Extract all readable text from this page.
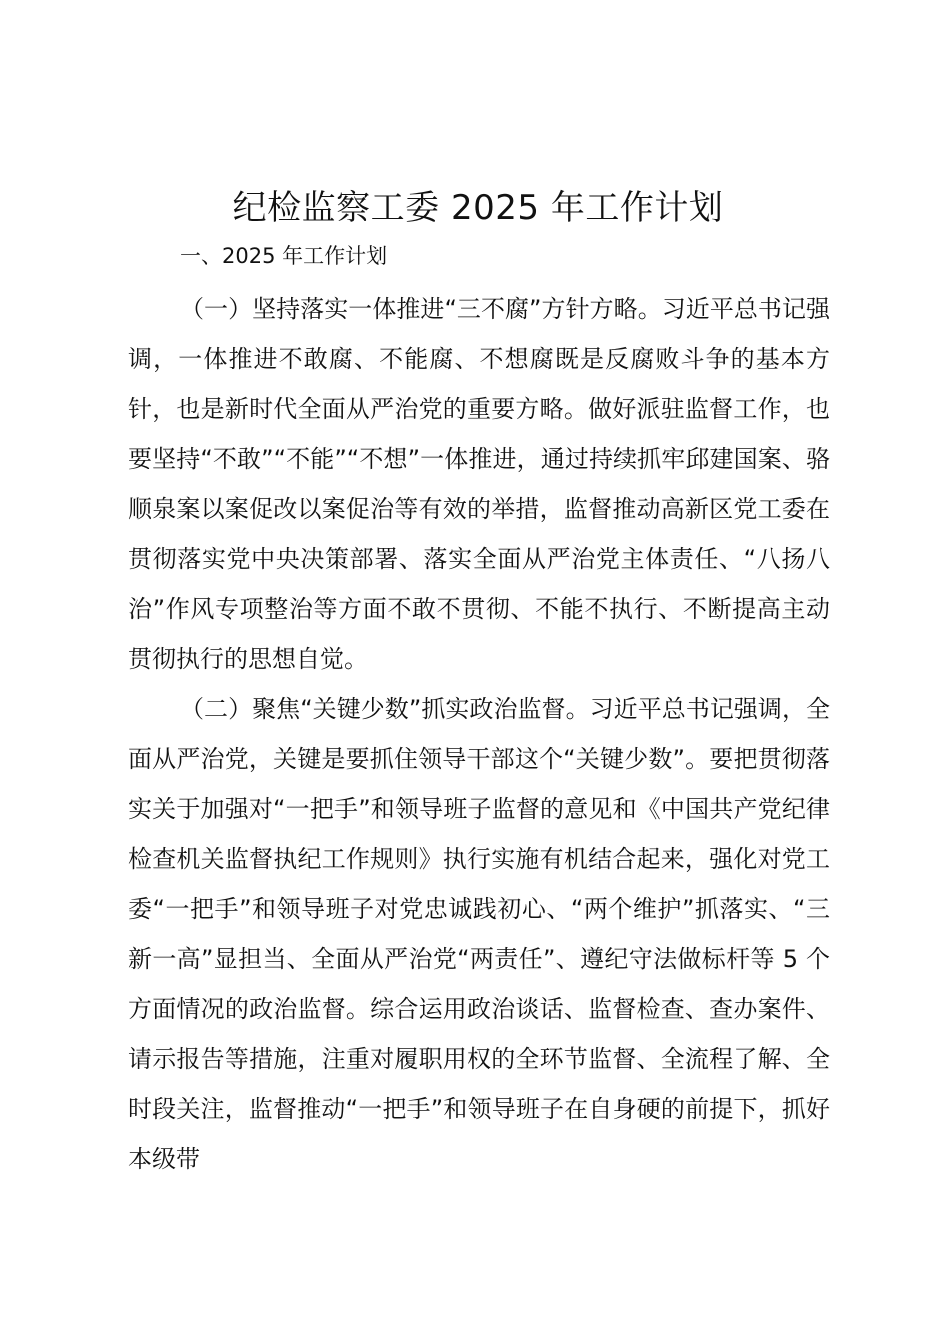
纪检监察工委 2025 年工作计划

一、2025 年工作计划

（一）坚持落实一体推进“三不腐”方针方略。习近平总书记强调，一体推进不敢腐、不能腐、不想腐既是反腐败斗争的基本方针，也是新时代全面从严治党的重要方略。做好派驻监督工作，也要坚持“不敢”“不能”“不想”一体推进，通过持续抓牢邱建国案、骆顺泉案以案促改以案促治等有效的举措，监督推动高新区党工委在贯彻落实党中央决策部署、落实全面从严治党主体责任、“八扬八治”作风专项整治等方面不敢不贯彻、不能不执行、不断提高主动贯彻执行的思想自觉。

（二）聚焦“关键少数”抓实政治监督。习近平总书记强调，全面从严治党，关键是要抓住领导干部这个“关键少数”。要把贯彻落实关于加强对“一把手”和领导班子监督的意见和《中国共产党纪律检查机关监督执纪工作规则》执行实施有机结合起来，强化对党工委“一把手”和领导班子对党忠诚践初心、“两个维护”抓落实、“三新一高”显担当、全面从严治党“两责任”、遵纪守法做标杆等 5 个方面情况的政治监督。综合运用政治谈话、监督检查、查办案件、请示报告等措施，注重对履职用权的全环节监督、全流程了解、全时段关注，监督推动“一把手”和领导班子在自身硬的前提下，抓好本级带
